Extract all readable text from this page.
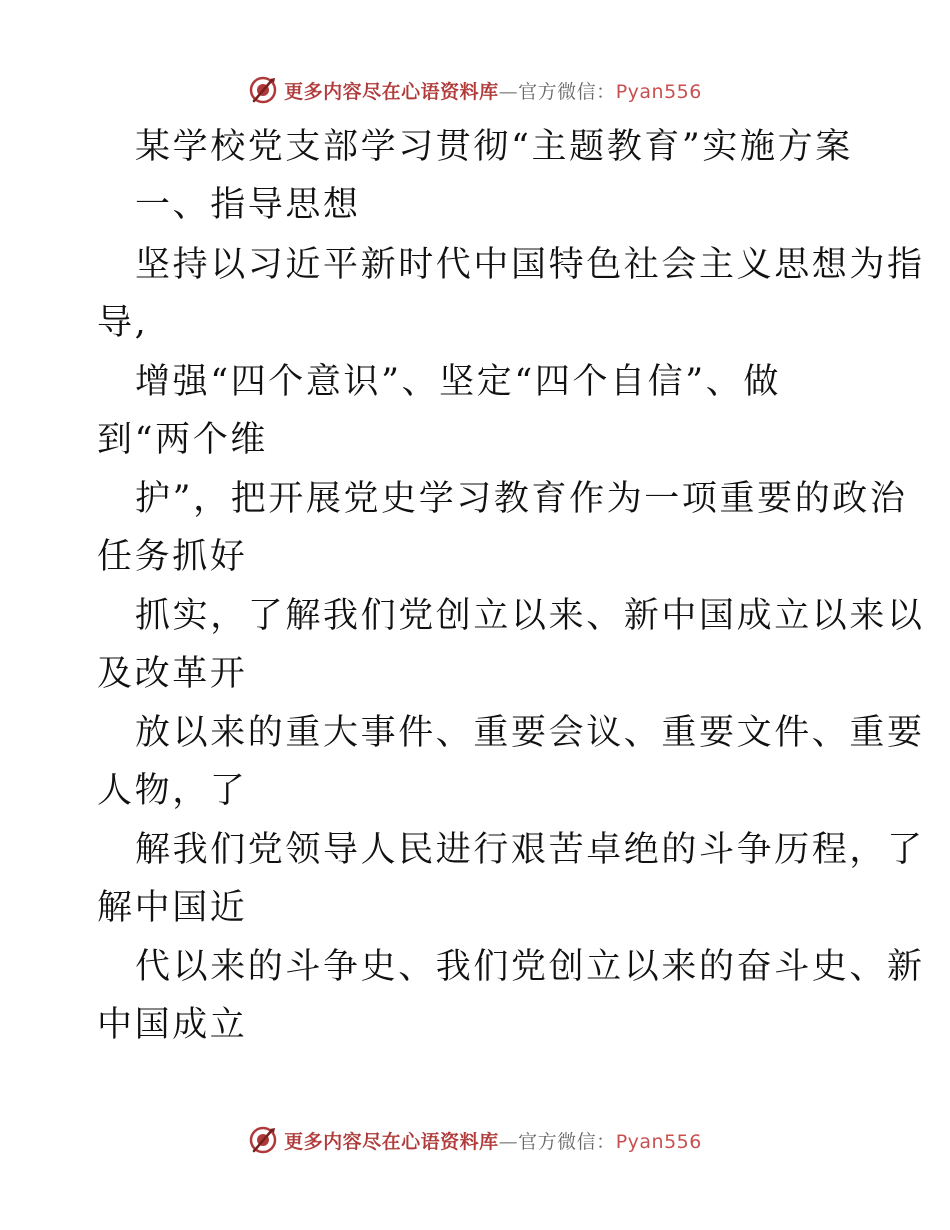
更多内容尽在心语资料库—官方微信：Pyan556
某学校党支部学习贯彻“主题教育”实施方案
一、指导思想
坚持以习近平新时代中国特色社会主义思想为指
导,
增强“四个意识”、坚定“四个自信”、做
到“两个维
护”，把开展党史学习教育作为一项重要的政治
任务抓好
抓实，了解我们党创立以来、新中国成立以来以
及改革开
放以来的重大事件、重要会议、重要文件、重要
人物，了
解我们党领导人民进行艰苦卓绝的斗争历程，了
解中国近
代以来的斗争史、我们党创立以来的奋斗史、新
中国成立
更多内容尽在心语资料库—官方微信：Pyan556
